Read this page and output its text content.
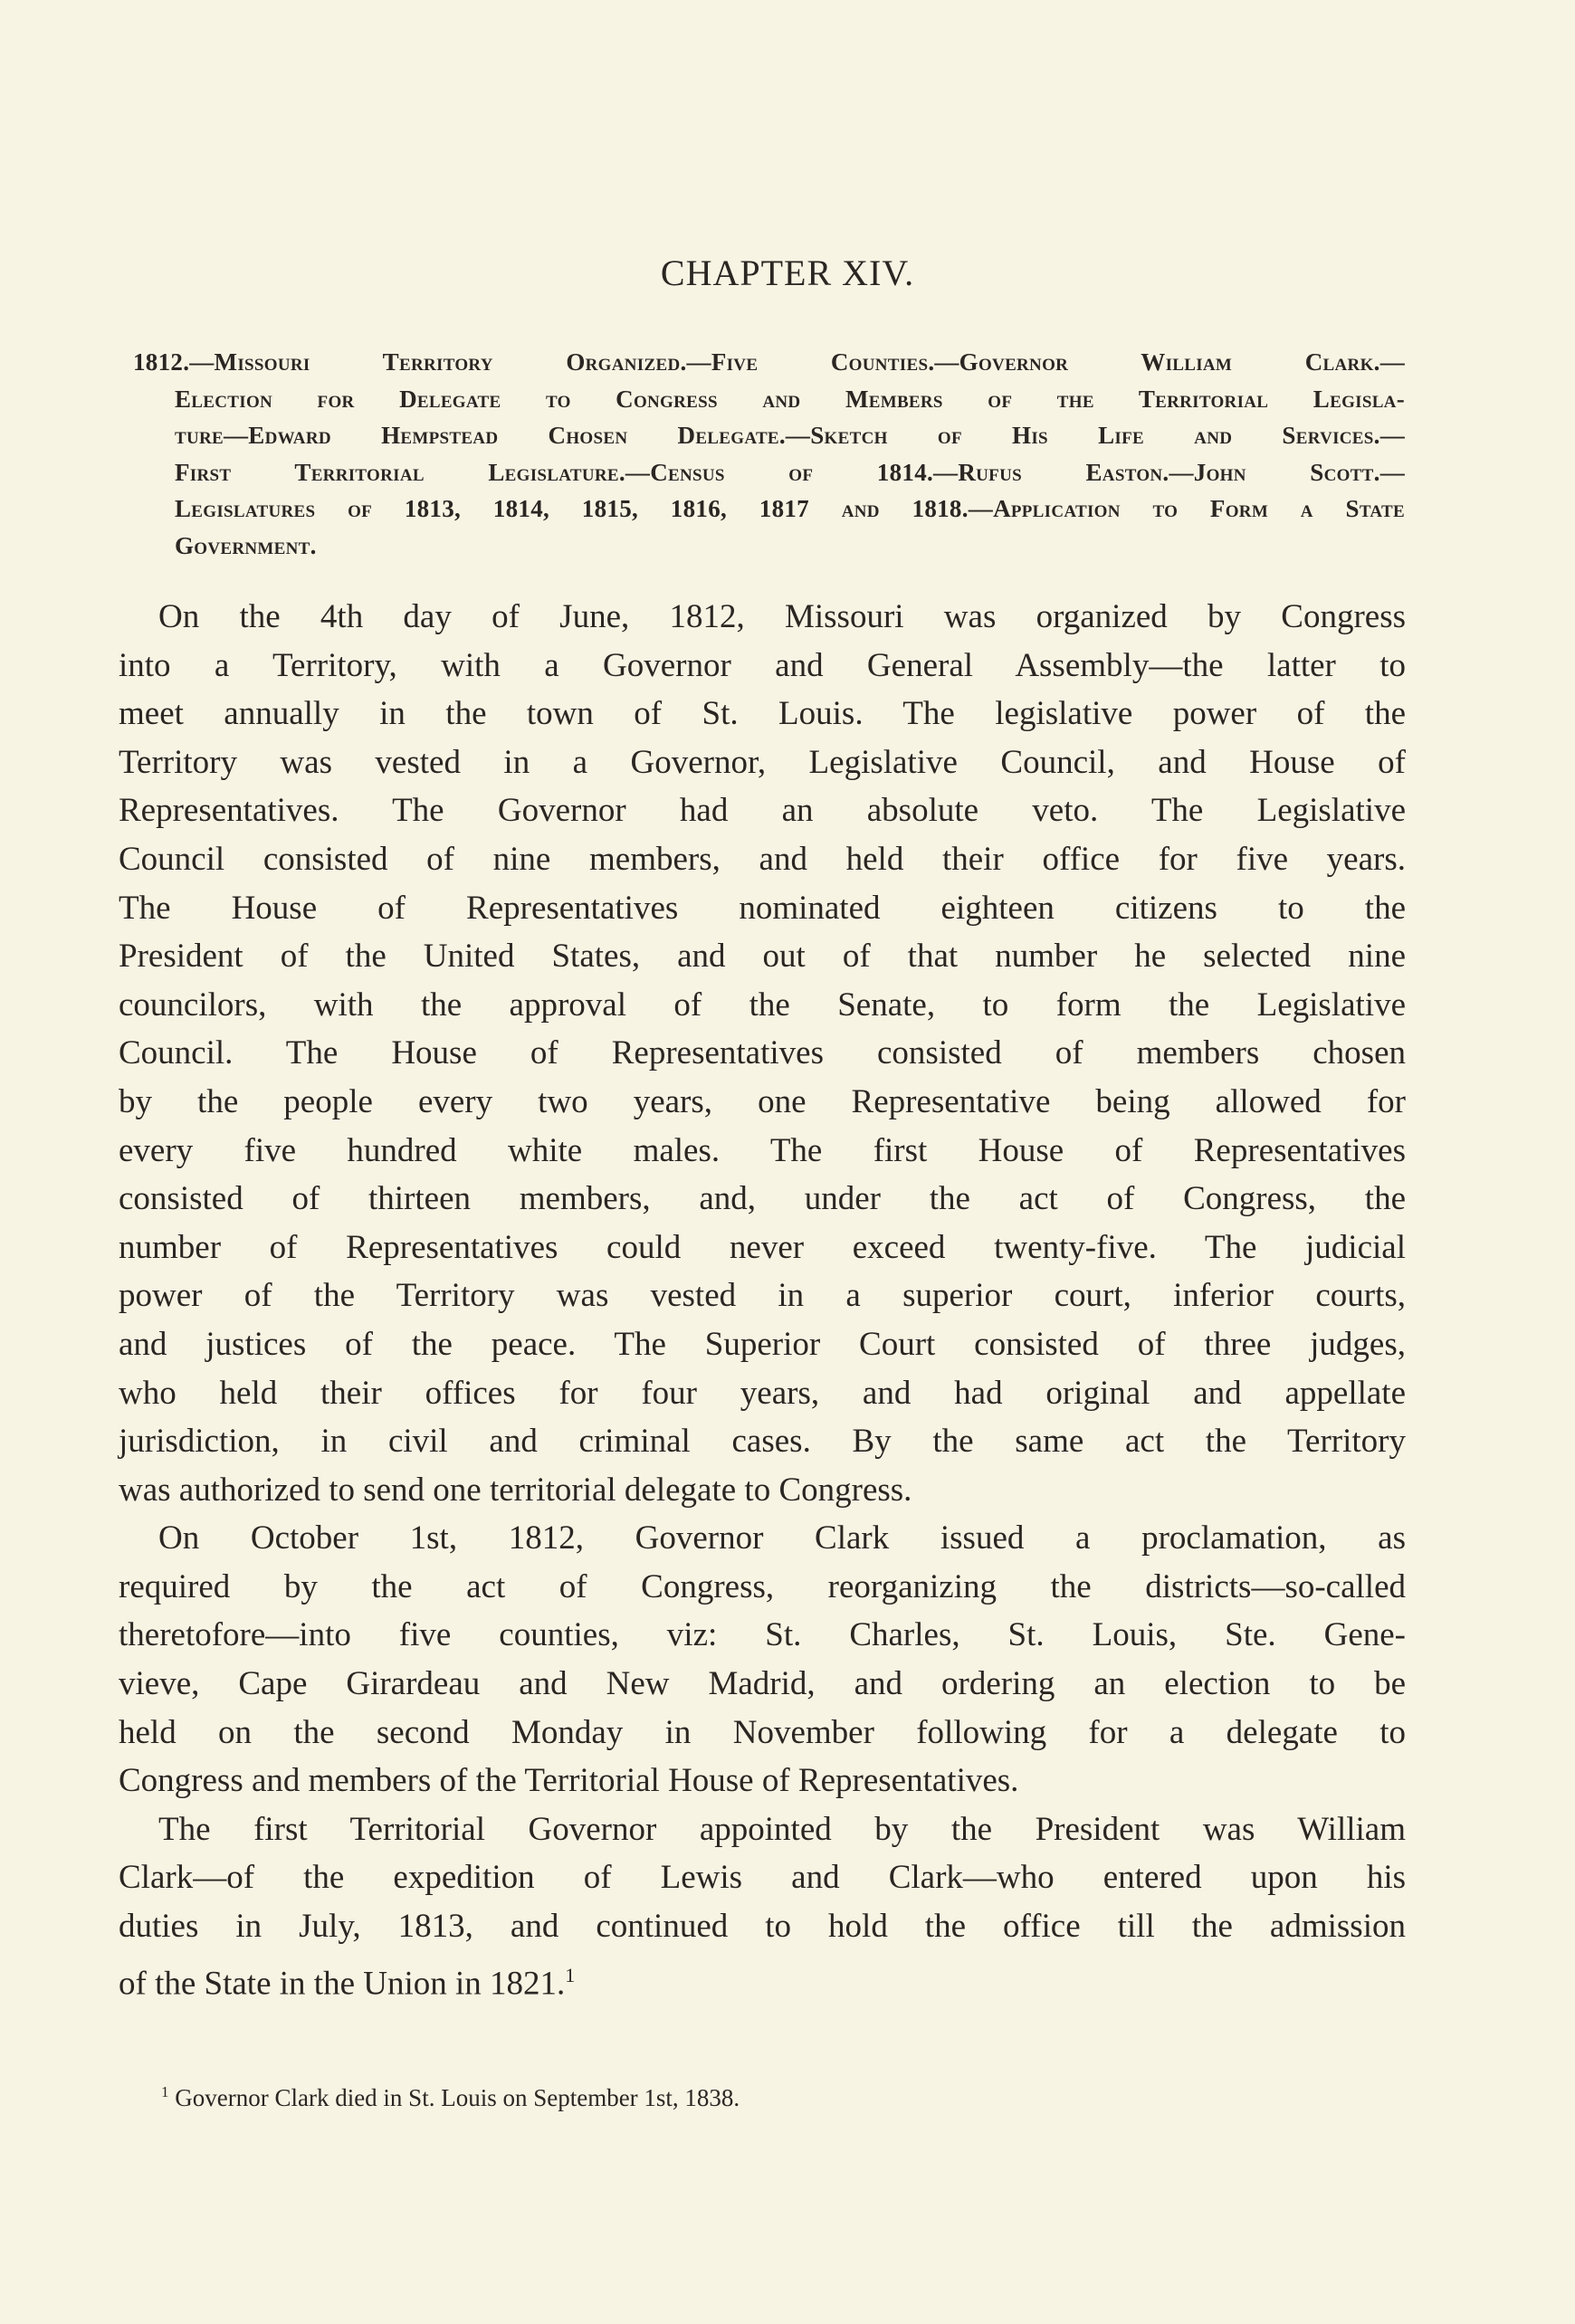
CHAPTER XIV.
1812.—Missouri Territory Organized.—Five Counties.—Governor William Clark.—
Election for Delegate to Congress and Members of the Territorial Legisla-
ture—Edward Hempstead Chosen Delegate.—Sketch of His Life and Services.—
First Territorial Legislature.—Census of 1814.—Rufus Easton.—John Scott.—
Legislatures of 1813, 1814, 1815, 1816, 1817 and 1818.—Application to Form a State
Government.
On the 4th day of June, 1812, Missouri was organized by Congress
into a Territory, with a Governor and General Assembly—the latter to
meet annually in the town of St. Louis. The legislative power of the
Territory was vested in a Governor, Legislative Council, and House of
Representatives. The Governor had an absolute veto. The Legislative
Council consisted of nine members, and held their office for five years.
The House of Representatives nominated eighteen citizens to the
President of the United States, and out of that number he selected nine
councilors, with the approval of the Senate, to form the Legislative
Council. The House of Representatives consisted of members chosen
by the people every two years, one Representative being allowed for
every five hundred white males. The first House of Representatives
consisted of thirteen members, and, under the act of Congress, the
number of Representatives could never exceed twenty-five. The judicial
power of the Territory was vested in a superior court, inferior courts,
and justices of the peace. The Superior Court consisted of three judges,
who held their offices for four years, and had original and appellate
jurisdiction, in civil and criminal cases. By the same act the Territory
was authorized to send one territorial delegate to Congress.
On October 1st, 1812, Governor Clark issued a proclamation, as
required by the act of Congress, reorganizing the districts—so-called
theretofore—into five counties, viz: St. Charles, St. Louis, Ste. Gene-
vieve, Cape Girardeau and New Madrid, and ordering an election to be
held on the second Monday in November following for a delegate to
Congress and members of the Territorial House of Representatives.
The first Territorial Governor appointed by the President was William
Clark—of the expedition of Lewis and Clark—who entered upon his
duties in July, 1813, and continued to hold the office till the admission
of the State in the Union in 1821.$^1$
$^1$ Governor Clark died in St. Louis on September 1st, 1838.
